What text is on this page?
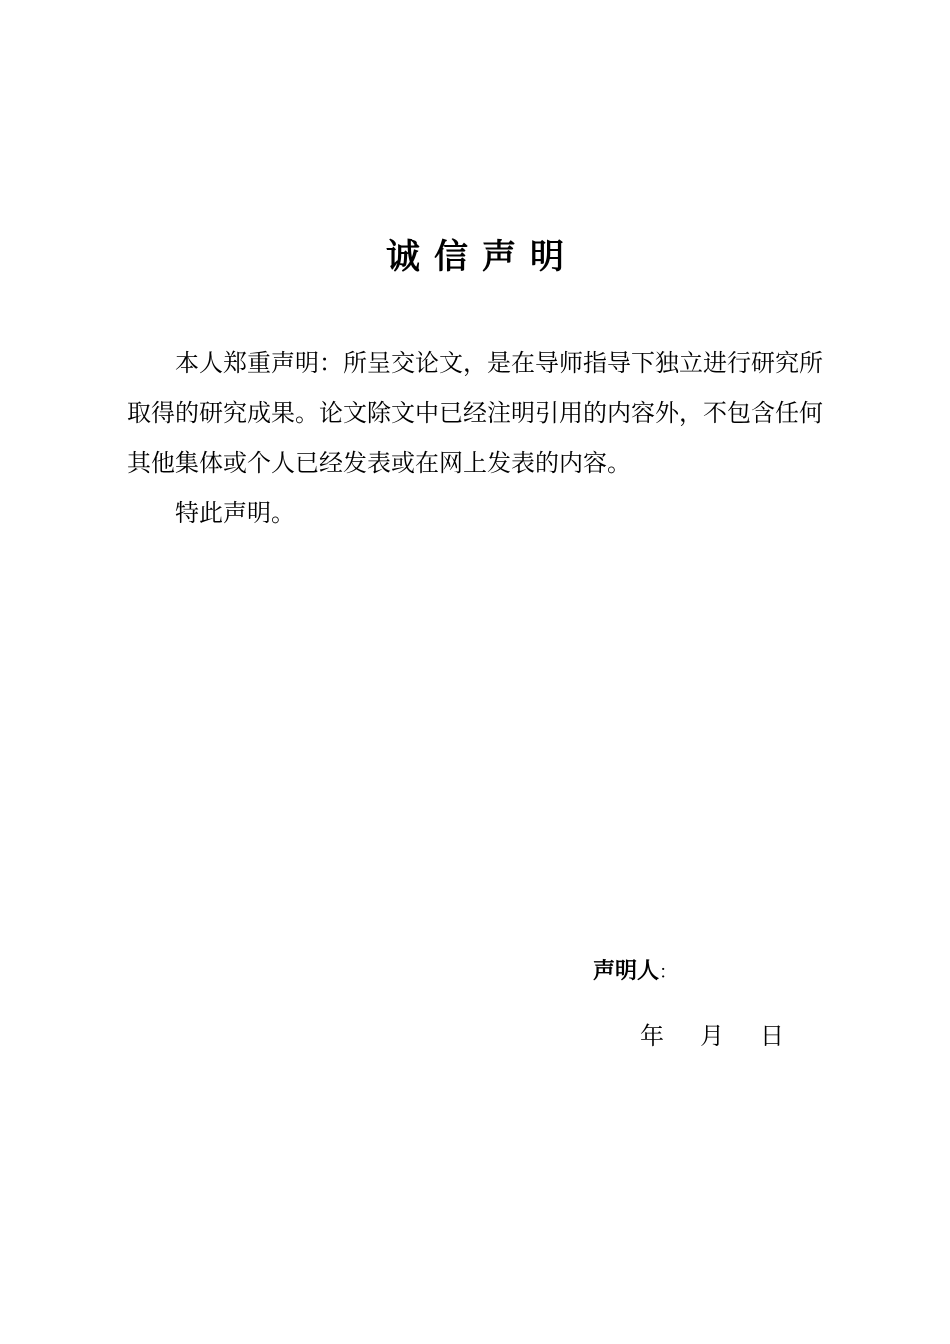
诚信声明

本人郑重声明：所呈交论文，是在导师指导下独立进行研究所取得的研究成果。论文除文中已经注明引用的内容外，不包含任何其他集体或个人已经发表或在网上发表的内容。

特此声明。

声明人：
年 月 日
